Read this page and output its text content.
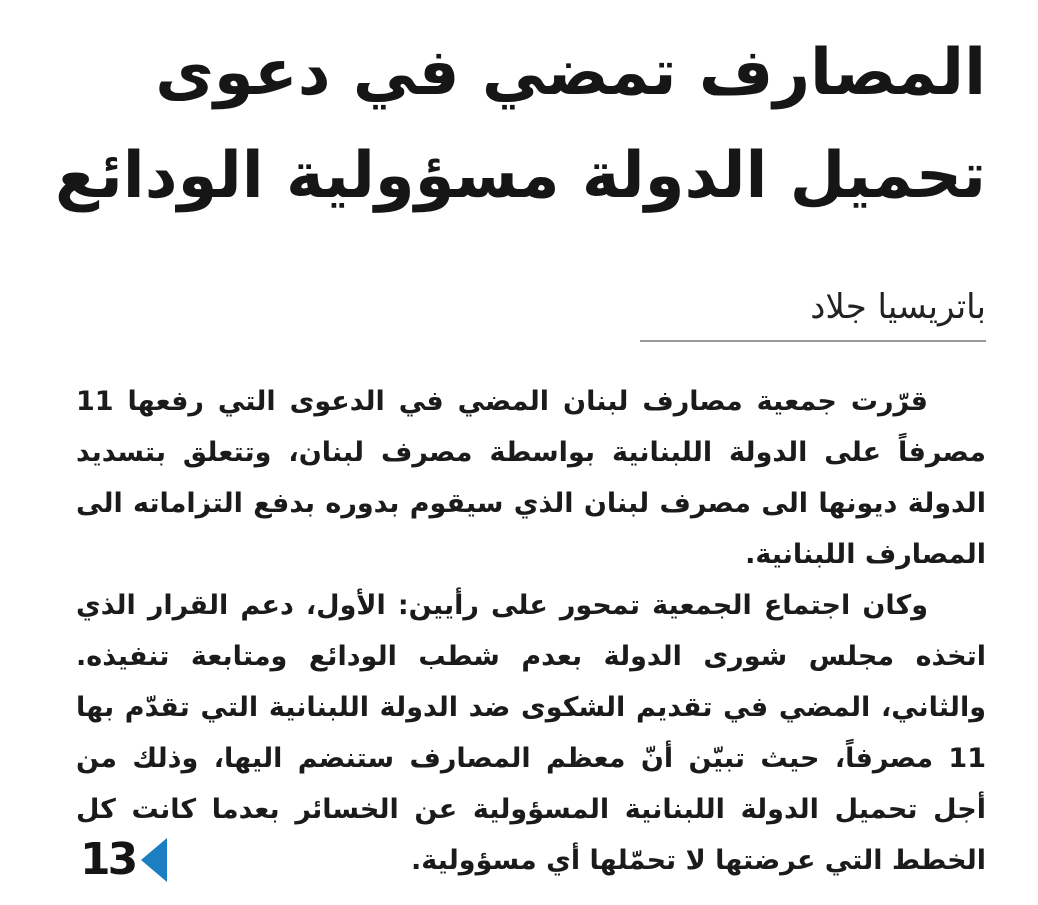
المصارف تمضي في دعوى
تحميل الدولة مسؤولية الودائع
باتريسيا جلاد

قرّرت جمعية مصارف لبنان المضي في الدعوى التي رفعها 11 مصرفاً على الدولة اللبنانية بواسطة مصرف لبنان، وتتعلق بتسديد الدولة ديونها الى مصرف لبنان الذي سيقوم بدوره بدفع التزاماته الى المصارف اللبنانية.

وكان اجتماع الجمعية تمحور على رأيين: الأول، دعم القرار الذي اتخذه مجلس شورى الدولة بعدم شطب الودائع ومتابعة تنفيذه. والثاني، المضي في تقديم الشكوى ضد الدولة اللبنانية التي تقدّم بها 11 مصرفاً، حيث تبيّن أنّ معظم المصارف ستنضم اليها، وذلك من أجل تحميل الدولة اللبنانية المسؤولية عن الخسائر بعدما كانت كل الخطط التي عرضتها لا تحمّلها أي مسؤولية.

13
